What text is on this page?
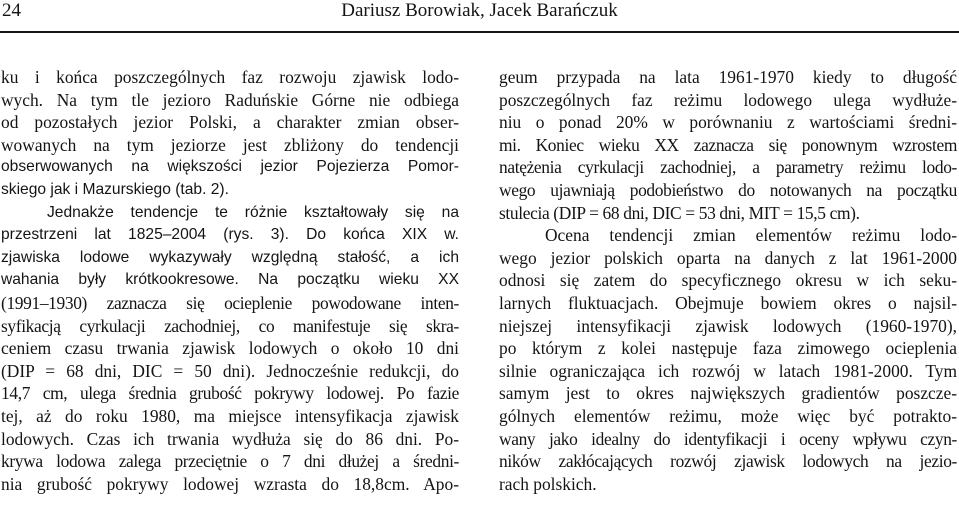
24	Dariusz Borowiak, Jacek Barańczuk
ku i końca poszczególnych faz rozwoju zjawisk lodo-
wych. Na tym tle jezioro Raduńskie Górne nie odbiega
od pozostałych jezior Polski, a charakter zmian obser-
wowanych na tym jeziorze jest zbliżony do tendencji
obserwowanych na większości jezior Pojezierza Pomor-
skiego jak i Mazurskiego (tab. 2).
Jednakże tendencje te różnie kształtowały się na
przestrzeni lat 1825–2004 (rys. 3). Do końca XIX w.
zjawiska lodowe wykazywały względną stałość, a ich
wahania były krótkookresowe. Na początku wieku XX
(1991–1930) zaznacza się ocieplenie powodowane inten-
syfikacją cyrkulacji zachodniej, co manifestuje się skra-
ceniem czasu trwania zjawisk lodowych o około 10 dni
(DIP = 68 dni, DIC = 50 dni). Jednocześnie redukcji, do
14,7 cm, ulega średnia grubość pokrywy lodowej. Po fazie
tej, aż do roku 1980, ma miejsce intensyfikacja zjawisk
lodowych. Czas ich trwania wydłuża się do 86 dni. Po-
krywa lodowa zalega przeciętnie o 7 dni dłużej a średni-
nia grubość pokrywy lodowej wzrasta do 18,8cm. Apo-
geum przypada na lata 1961-1970 kiedy to długość
poszczególnych faz reżimu lodowego ulega wydłuże-
niu o ponad 20% w porównaniu z wartościami średni-
mi. Koniec wieku XX zaznacza się ponownym wzrostem
natężenia cyrkulacji zachodniej, a parametry reżimu lodo-
wego ujawniają podobieństwo do notowanych na początku
stulecia (DIP = 68 dni, DIC = 53 dni, MIT = 15,5 cm).
Ocena tendencji zmian elementów reżimu lodo-
wego jezior polskich oparta na danych z lat 1961-2000
odnosi się zatem do specyficznego okresu w ich seku-
larnych fluktuacjach. Obejmuje bowiem okres o najsil-
niejszej intensyfikacji zjawisk lodowych (1960-1970),
po którym z kolei następuje faza zimowego ocieplenia
silnie ograniczająca ich rozwój w latach 1981-2000. Tym
samym jest to okres największych gradientów poszcze-
gólnych elementów reżimu, może więc być potrakto-
wany jako idealny do identyfikacji i oceny wpływu czyn-
ników zakłócających rozwój zjawisk lodowych na jezio-
rach polskich.
